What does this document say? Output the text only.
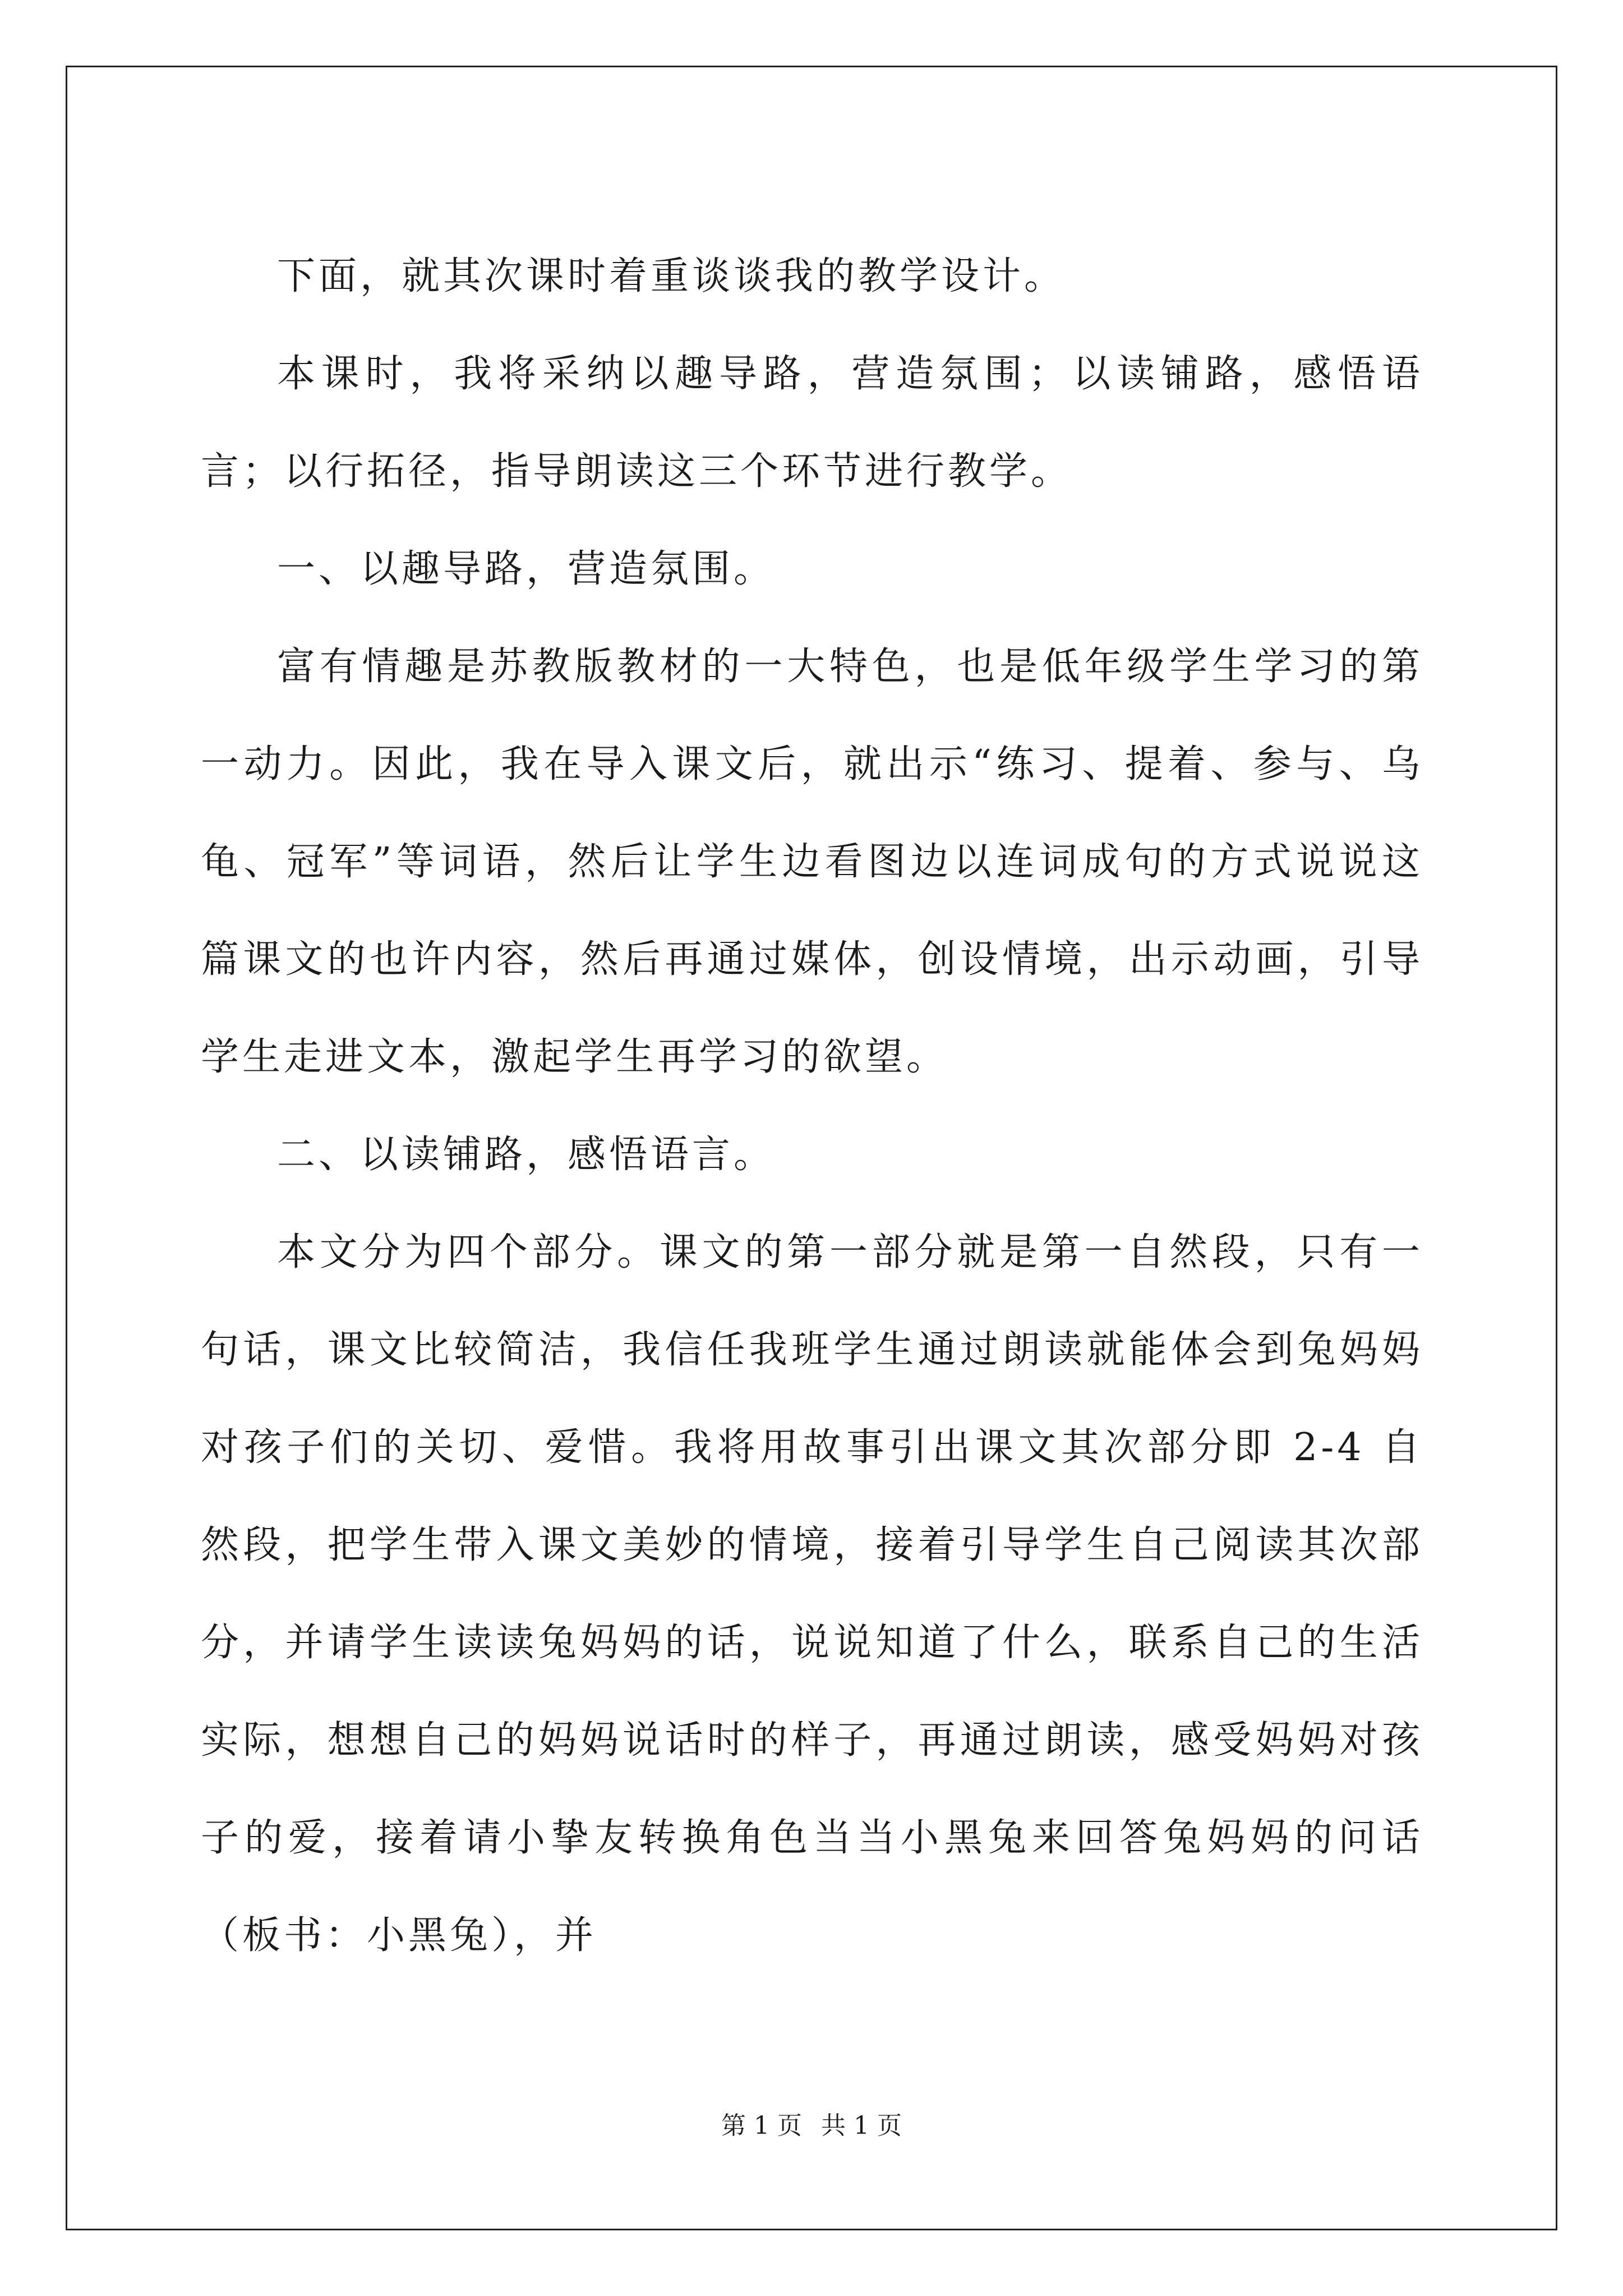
下面，就其次课时着重谈谈我的教学设计。

本课时，我将采纳以趣导路，营造氛围；以读铺路，感悟语言；以行拓径，指导朗读这三个环节进行教学。

一、以趣导路，营造氛围。

富有情趣是苏教版教材的一大特色，也是低年级学生学习的第一动力。因此，我在导入课文后，就出示“练习、提着、参与、乌龟、冠军”等词语，然后让学生边看图边以连词成句的方式说说这篇课文的也许内容，然后再通过媒体，创设情境，出示动画，引导学生走进文本，激起学生再学习的欲望。

二、以读铺路，感悟语言。

本文分为四个部分。课文的第一部分就是第一自然段，只有一句话，课文比较简洁，我信任我班学生通过朗读就能体会到兔妈妈对孩子们的关切、爱惜。我将用故事引出课文其次部分即 2-4 自然段，把学生带入课文美妙的情境，接着引导学生自己阅读其次部分，并请学生读读兔妈妈的话，说说知道了什么，联系自己的生活实际，想想自己的妈妈说话时的样子，再通过朗读，感受妈妈对孩子的爱，接着请小挚友转换角色当当小黑兔来回答兔妈妈的问话（板书：小黑兔），并

第 1 页 共 1 页
